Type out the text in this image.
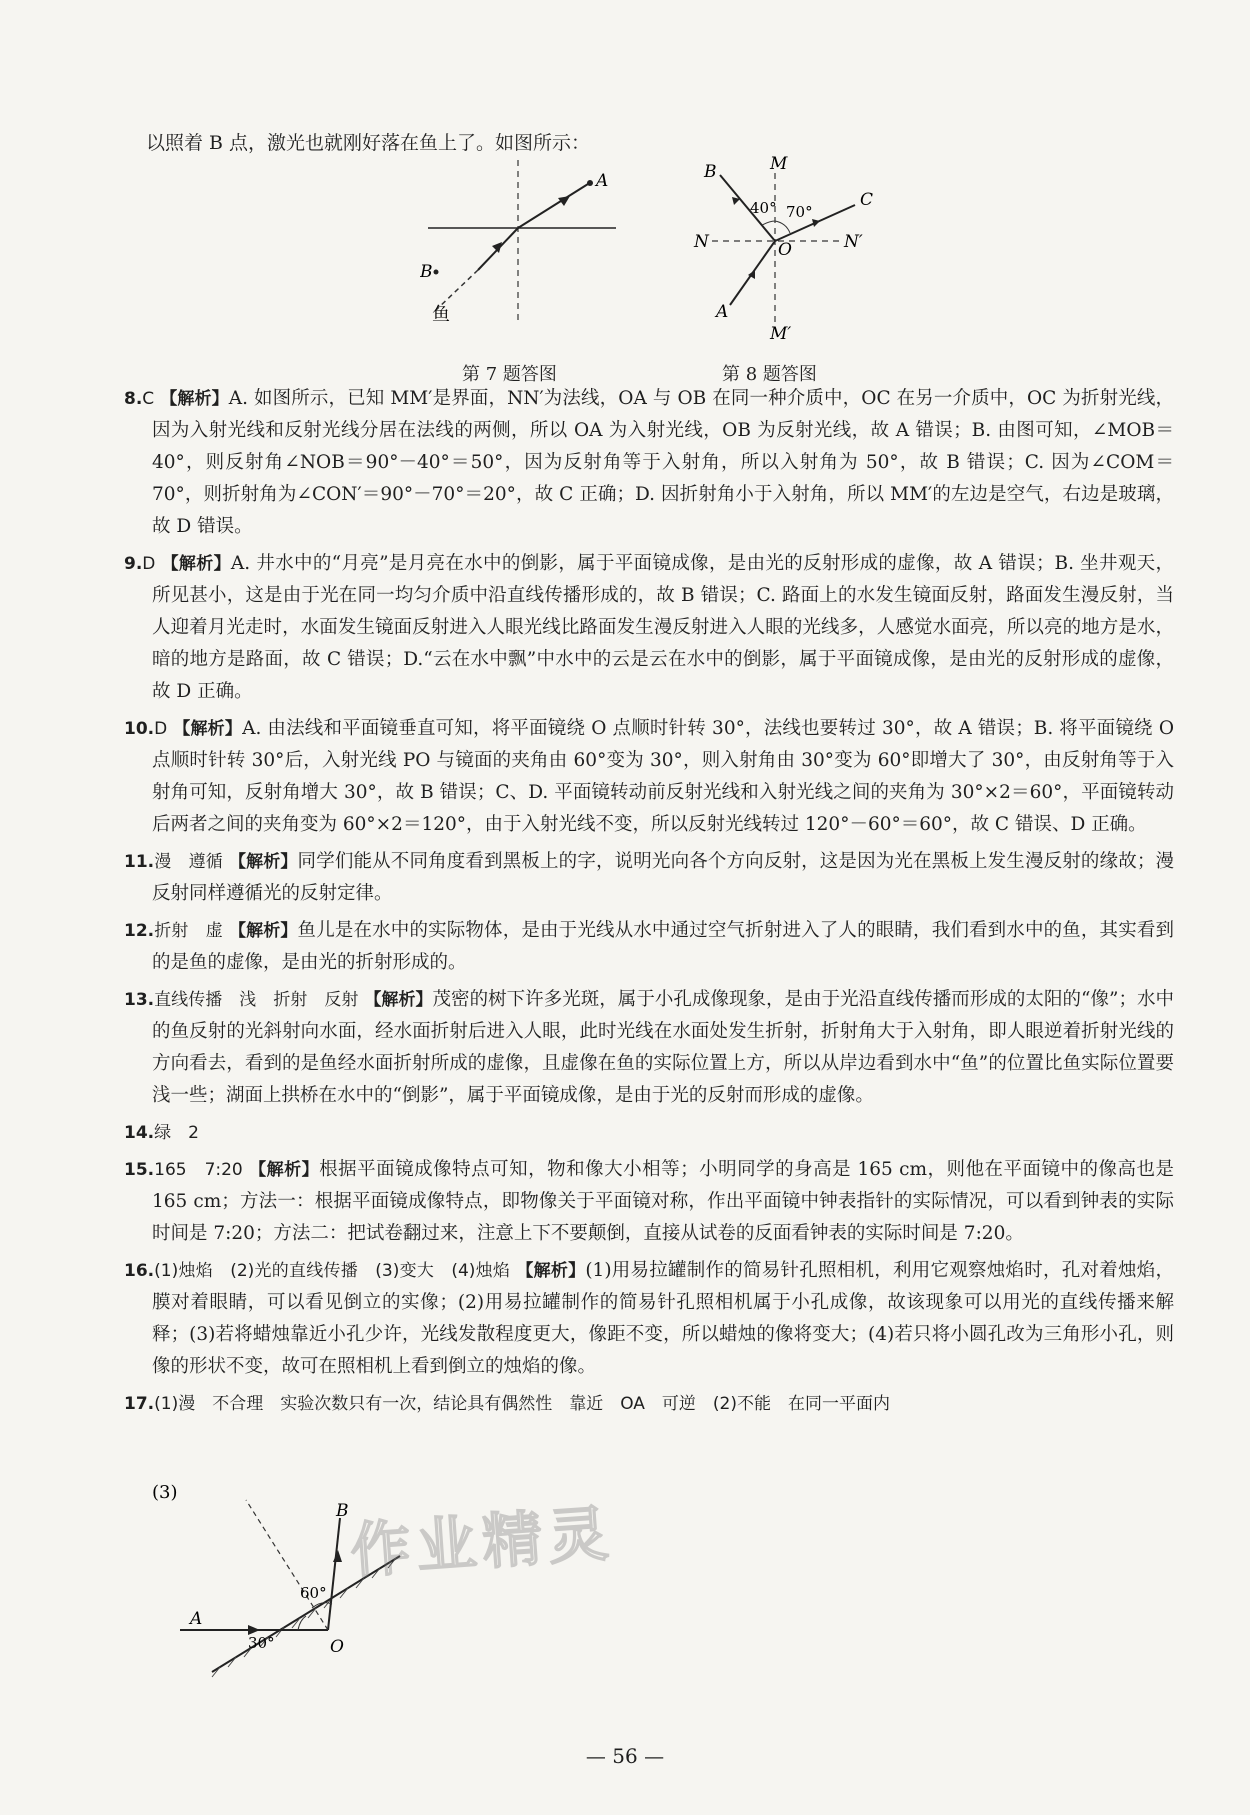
以照着 B 点，激光也就刚好落在鱼上了。如图所示：
A
B
鱼
第 7 题答图
B	M
C
N	O	N′
A
M′
40° 70°
第 8 题答图
8.C 【解析】A. 如图所示，已知 MM′是界面，NN′为法线，OA 与 OB 在同一种介质中，OC 在另一介质中，OC 为折射光线，因为入射光线和反射光线分居在法线的两侧，所以 OA 为入射光线，OB 为反射光线，故 A 错误；B. 由图可知，∠MOB＝40°，则反射角∠NOB＝90°－40°＝50°，因为反射角等于入射角，所以入射角为 50°，故 B 错误；C. 因为∠COM＝70°，则折射角为∠CON′＝90°－70°＝20°，故 C 正确；D. 因折射角小于入射角，所以 MM′的左边是空气，右边是玻璃，故 D 错误。
9.D 【解析】A. 井水中的“月亮”是月亮在水中的倒影，属于平面镜成像，是由光的反射形成的虚像，故 A 错误；B. 坐井观天，所见甚小，这是由于光在同一均匀介质中沿直线传播形成的，故 B 错误；C. 路面上的水发生镜面反射，路面发生漫反射，当人迎着月光走时，水面发生镜面反射进入人眼光线比路面发生漫反射进入人眼的光线多，人感觉水面亮，所以亮的地方是水，暗的地方是路面，故 C 错误；D.“云在水中飘”中水中的云是云在水中的倒影，属于平面镜成像，是由光的反射形成的虚像，故 D 正确。
10.D 【解析】A. 由法线和平面镜垂直可知，将平面镜绕 O 点顺时针转 30°，法线也要转过 30°，故 A 错误；B. 将平面镜绕 O 点顺时针转 30°后，入射光线 PO 与镜面的夹角由 60°变为 30°，则入射角由 30°变为 60°即增大了 30°，由反射角等于入射角可知，反射角增大 30°，故 B 错误；C、D. 平面镜转动前反射光线和入射光线之间的夹角为 30°×2＝60°，平面镜转动后两者之间的夹角变为 60°×2＝120°，由于入射光线不变，所以反射光线转过 120°－60°＝60°，故 C 错误、D 正确。
11.漫　遵循 【解析】同学们能从不同角度看到黑板上的字，说明光向各个方向反射，这是因为光在黑板上发生漫反射的缘故；漫反射同样遵循光的反射定律。
12.折射　虚 【解析】鱼儿是在水中的实际物体，是由于光线从水中通过空气折射进入了人的眼睛，我们看到水中的鱼，其实看到的是鱼的虚像，是由光的折射形成的。
13.直线传播　浅　折射　反射 【解析】茂密的树下许多光斑，属于小孔成像现象，是由于光沿直线传播而形成的太阳的“像”；水中的鱼反射的光斜射向水面，经水面折射后进入人眼，此时光线在水面处发生折射，折射角大于入射角，即人眼逆着折射光线的方向看去，看到的是鱼经水面折射所成的虚像，且虚像在鱼的实际位置上方，所以从岸边看到水中“鱼”的位置比鱼实际位置要浅一些；湖面上拱桥在水中的“倒影”，属于平面镜成像，是由于光的反射而形成的虚像。
14.绿　2
15.165　7:20 【解析】根据平面镜成像特点可知，物和像大小相等；小明同学的身高是 165 cm，则他在平面镜中的像高也是 165 cm；方法一：根据平面镜成像特点，即物像关于平面镜对称，作出平面镜中钟表指针的实际情况，可以看到钟表的实际时间是 7:20；方法二：把试卷翻过来，注意上下不要颠倒，直接从试卷的反面看钟表的实际时间是 7:20。
16.(1)烛焰　(2)光的直线传播　(3)变大　(4)烛焰 【解析】(1)用易拉罐制作的简易针孔照相机，利用它观察烛焰时，孔对着烛焰，膜对着眼睛，可以看见倒立的实像；(2)用易拉罐制作的简易针孔照相机属于小孔成像，故该现象可以用光的直线传播来解释；(3)若将蜡烛靠近小孔少许，光线发散程度更大，像距不变，所以蜡烛的像将变大；(4)若只将小圆孔改为三角形小孔，则像的形状不变，故可在照相机上看到倒立的烛焰的像。
17.(1)漫　不合理　实验次数只有一次，结论具有偶然性　靠近　OA　可逆　(2)不能　在同一平面内
(3)
B
A
O
60°
30°
作业精灵
— 56 —
